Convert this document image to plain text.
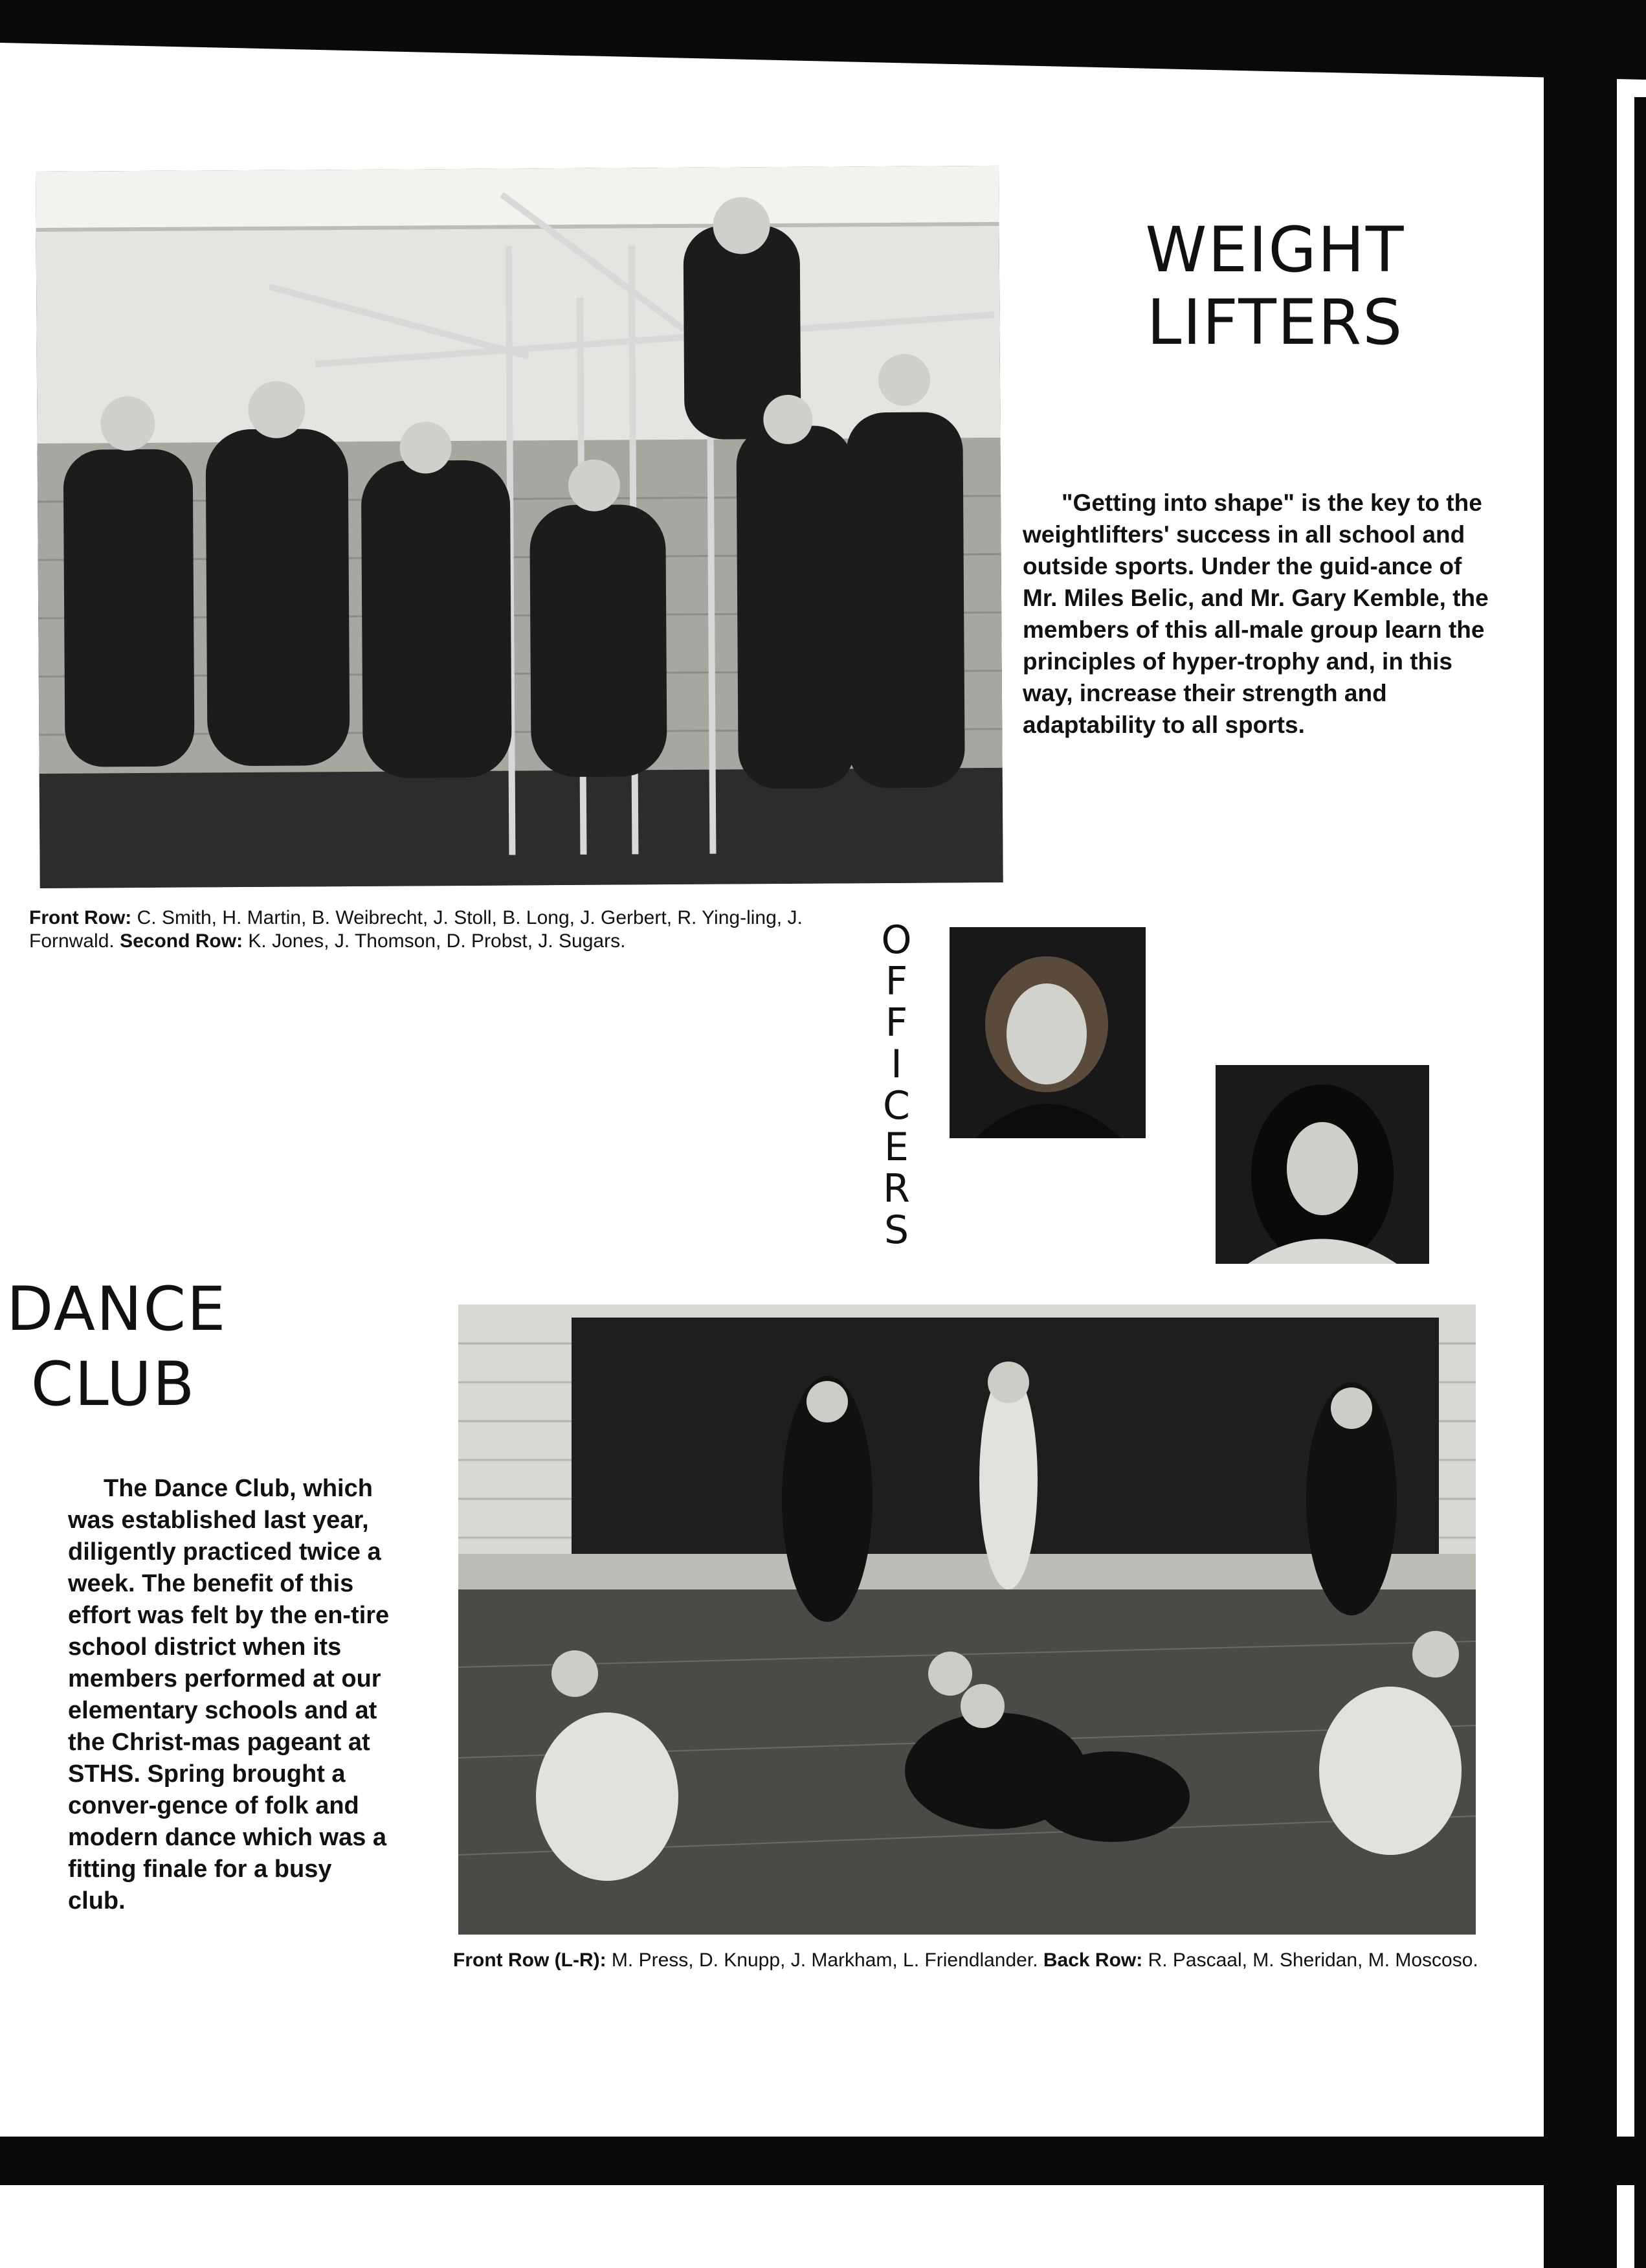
WEIGHT
LIFTERS

"Getting into shape" is the key to the weightlifters' success in all school and outside sports. Under the guid-ance of Mr. Miles Belic, and Mr. Gary Kemble, the members of this all-male group learn the principles of hyper-trophy and, in this way, increase their strength and adaptability to all sports.

Front Row: C. Smith, H. Martin, B. Weibrecht, J. Stoll, B. Long, J. Gerbert, R. Ying-ling, J. Fornwald. Second Row: K. Jones, J. Thomson, D. Probst, J. Sugars.	O
F
F
I
C
E
R
S
DANCE
CLUB

The Dance Club, which was established last year, diligently practiced twice a week. The benefit of this effort was felt by the en-tire school district when its members performed at our elementary schools and at the Christ-mas pageant at STHS. Spring brought a conver-gence of folk and modern dance which was a fitting finale for a busy club.

Front Row (L-R): M. Press, D. Knupp, J. Markham, L. Friendlander. Back Row: R. Pascaal, M. Sheridan, M. Moscoso.
